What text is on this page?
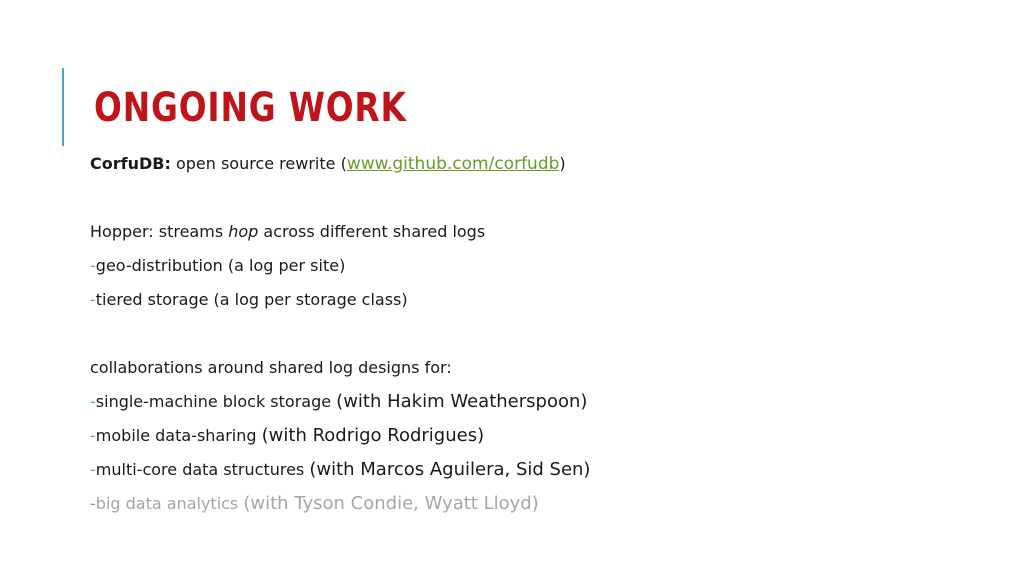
ONGOING WORK
CorfuDB: open source rewrite (www.github.com/corfudb)
Hopper: streams hop across different shared logs
-geo-distribution (a log per site)
-tiered storage (a log per storage class)
collaborations around shared log designs for:
-single-machine block storage (with Hakim Weatherspoon)
-mobile data-sharing (with Rodrigo Rodrigues)
-multi-core data structures (with Marcos Aguilera, Sid Sen)
-big data analytics (with Tyson Condie, Wyatt Lloyd)
